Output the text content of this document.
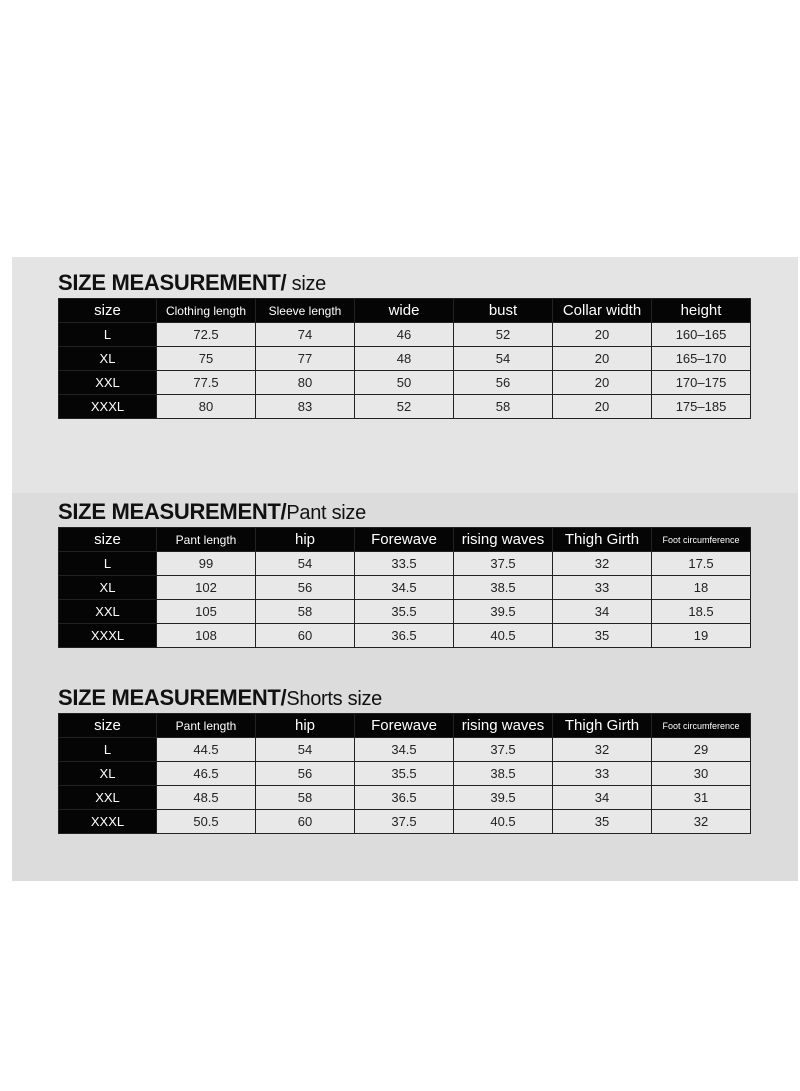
SIZE MEASUREMENT/ size
size	Clothing length	Sleeve length	wide	bust	Collar width	height
L	72.5	74	46	52	20	160–165
XL	75	77	48	54	20	165–170
XXL	77.5	80	50	56	20	170–175
XXXL	80	83	52	58	20	175–185
SIZE MEASUREMENT/Pant size
size	Pant length	hip	Forewave	rising waves	Thigh Girth	Foot circumference
L	99	54	33.5	37.5	32	17.5
XL	102	56	34.5	38.5	33	18
XXL	105	58	35.5	39.5	34	18.5
XXXL	108	60	36.5	40.5	35	19
SIZE MEASUREMENT/Shorts size
size	Pant length	hip	Forewave	rising waves	Thigh Girth	Foot circumference
L	44.5	54	34.5	37.5	32	29
XL	46.5	56	35.5	38.5	33	30
XXL	48.5	58	36.5	39.5	34	31
XXXL	50.5	60	37.5	40.5	35	32
